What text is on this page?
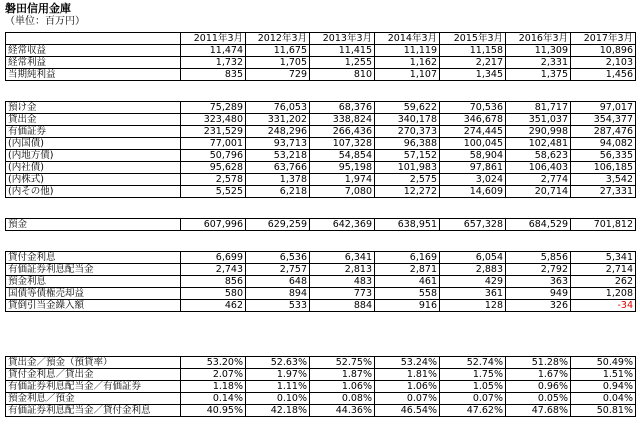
磐田信用金庫
（単位：百万円）
	2011年3月	2012年3月	2013年3月	2014年3月	2015年3月	2016年3月	2017年3月
経常収益	11,474	11,675	11,415	11,119	11,158	11,309	10,896
経常利益	1,732	1,705	1,255	1,162	2,217	2,331	2,103
当期純利益	835	729	810	1,107	1,345	1,375	1,456

預け金	75,289	76,053	68,376	59,622	70,536	81,717	97,017
貸出金	323,480	331,202	338,824	340,178	346,678	351,037	354,377
有価証券	231,529	248,296	266,436	270,373	274,445	290,998	287,476
(内国債)	77,001	93,713	107,328	96,388	100,045	102,481	94,082
(内地方債)	50,796	53,218	54,854	57,152	58,904	58,623	56,335
(内社債)	95,628	63,766	95,198	101,983	97,861	106,403	106,185
(内株式)	2,578	1,378	1,974	2,575	3,024	2,774	3,542
(内その他)	5,525	6,218	7,080	12,272	14,609	20,714	27,331

預金	607,996	629,259	642,369	638,951	657,328	684,529	701,812

貸付金利息	6,699	6,536	6,341	6,169	6,054	5,856	5,341
有価証券利息配当金	2,743	2,757	2,813	2,871	2,883	2,792	2,714
預金利息	856	648	483	461	429	363	262
国債等債権売却益	580	894	773	558	361	949	1,208
貸倒引当金繰入額	462	533	884	916	128	326	-34

貸出金／預金（預貸率）	53.20%	52.63%	52.75%	53.24%	52.74%	51.28%	50.49%
貸付金利息／貸出金	2.07%	1.97%	1.87%	1.81%	1.75%	1.67%	1.51%
有価証券利息配当金／有価証券	1.18%	1.11%	1.06%	1.06%	1.05%	0.96%	0.94%
預金利息／預金	0.14%	0.10%	0.08%	0.07%	0.07%	0.05%	0.04%
有価証券利息配当金／貸付金利息	40.95%	42.18%	44.36%	46.54%	47.62%	47.68%	50.81%
